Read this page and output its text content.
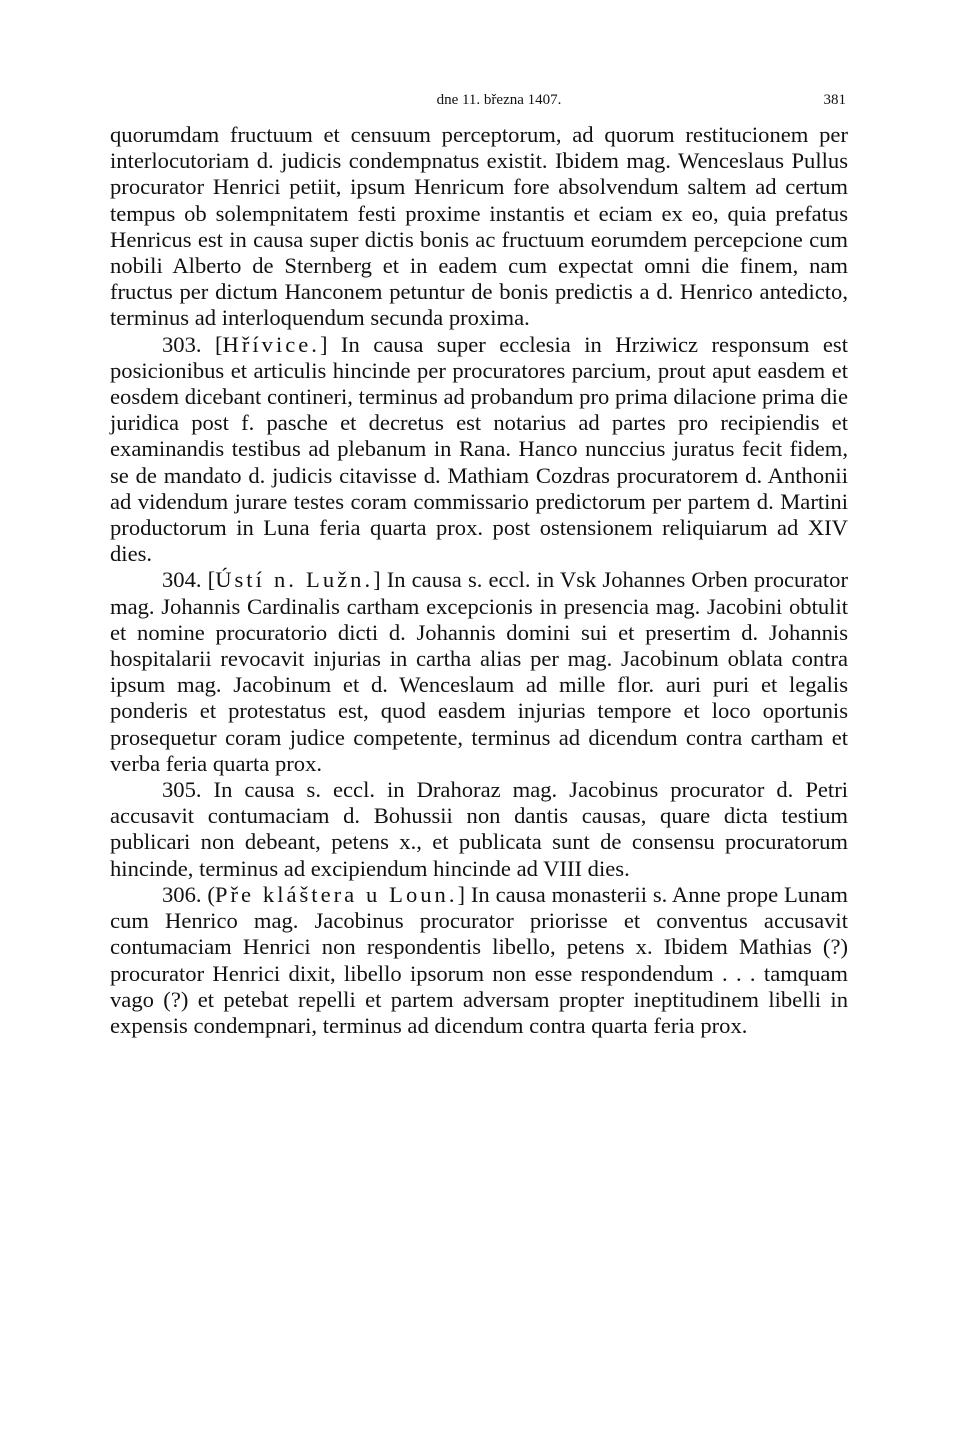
dne 11. března 1407.	381

quorumdam fructuum et censuum perceptorum, ad quorum restitucionem per interlocutoriam d. judicis condempnatus existit. Ibidem mag. Wenceslaus Pullus procurator Henrici petiit, ipsum Henricum fore absolvendum saltem ad certum tempus ob solempnitatem festi proxime instantis et eciam ex eo, quia prefatus Henricus est in causa super dictis bonis ac fructuum eorumdem percepcione cum nobili Alberto de Sternberg et in eadem cum expectat omni die finem, nam fructus per dictum Hanconem petuntur de bonis predictis a d. Henrico antedicto, terminus ad interloquendum secunda proxima.

303. [Hřívice.] In causa super ecclesia in Hrziwicz responsum est posicionibus et articulis hincinde per procuratores parcium, prout aput easdem et eosdem dicebant contineri, terminus ad probandum pro prima dilacione prima die juridica post f. pasche et decretus est notarius ad partes pro recipiendis et examinandis testibus ad plebanum in Rana. Hanco nunccius juratus fecit fidem, se de mandato d. judicis citavisse d. Mathiam Cozdras procuratorem d. Anthonii ad videndum jurare testes coram commissario predictorum per partem d. Martini productorum in Luna feria quarta prox. post ostensionem reliquiarum ad XIV dies.

304. [Ústí n. Lužn.] In causa s. eccl. in Vsk Johannes Orben procurator mag. Johannis Cardinalis cartham excepcionis in presencia mag. Jacobini obtulit et nomine procuratorio dicti d. Johannis domini sui et presertim d. Johannis hospitalarii revocavit injurias in cartha alias per mag. Jacobinum oblata contra ipsum mag. Jacobinum et d. Wenceslaum ad mille flor. auri puri et legalis ponderis et protestatus est, quod easdem injurias tempore et loco oportunis prosequetur coram judice competente, terminus ad dicendum contra cartham et verba feria quarta prox.

305. In causa s. eccl. in Drahoraz mag. Jacobinus procurator d. Petri accusavit contumaciam d. Bohussii non dantis causas, quare dicta testium publicari non debeant, petens x., et publicata sunt de consensu procuratorum hincinde, terminus ad excipiendum hincinde ad VIII dies.

306. (Pře kláštera u Loun.] In causa monasterii s. Anne prope Lunam cum Henrico mag. Jacobinus procurator priorisse et conventus accusavit contumaciam Henrici non respondentis libello, petens x. Ibidem Mathias (?) procurator Henrici dixit, libello ipsorum non esse respondendum . . . tamquam vago (?) et petebat repelli et partem adversam propter ineptitudinem libelli in expensis condempnari, terminus ad dicendum contra quarta feria prox.
